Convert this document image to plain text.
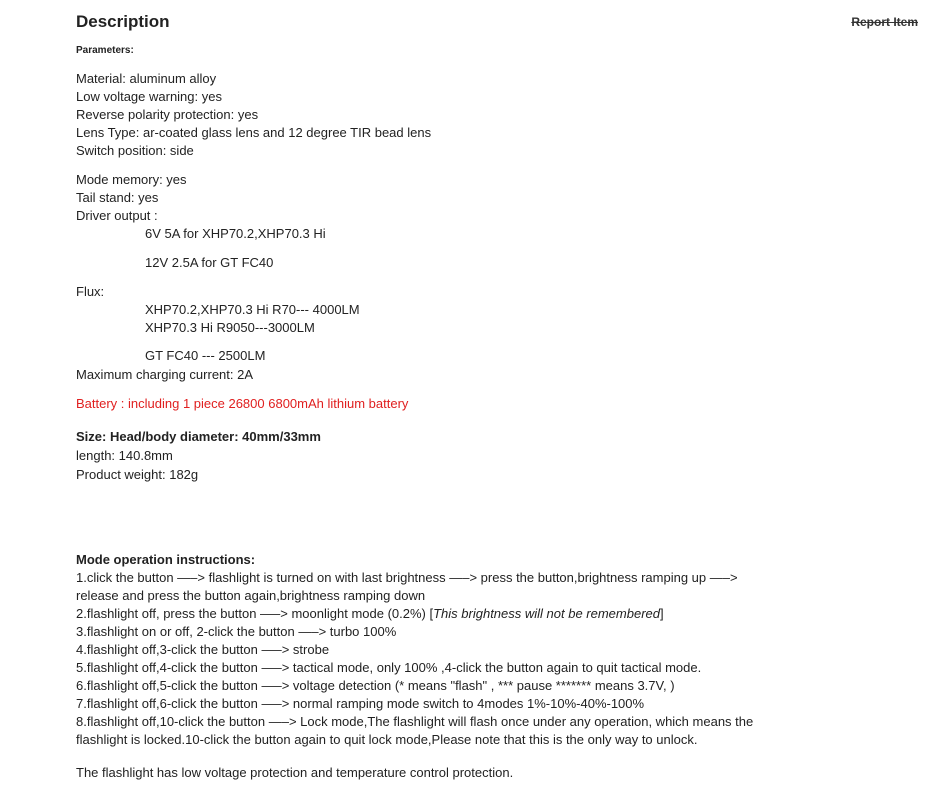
Description	Report Item
Parameters:
Material: aluminum alloy
Low voltage warning: yes
Reverse polarity protection: yes
Lens Type: ar-coated glass lens and 12 degree TIR bead lens
Switch position: side
Mode memory: yes
Tail stand: yes
Driver output :
6V 5A for XHP70.2,XHP70.3 Hi
12V 2.5A for GT FC40
Flux:
XHP70.2,XHP70.3 Hi R70--- 4000LM
XHP70.3 Hi R9050---3000LM
GT FC40 --- 2500LM
Maximum charging current: 2A
Battery : including 1 piece 26800 6800mAh lithium battery
Size: Head/body diameter: 40mm/33mm
length: 140.8mm
Product weight: 182g
Mode operation instructions:
1.click the button —–> flashlight is turned on with last brightness —–> press the button,brightness ramping up —–>
release and press the button again,brightness ramping down
2.flashlight off, press the button —–> moonlight mode (0.2%) [This brightness will not be remembered]
3.flashlight on or off, 2-click the button —–> turbo 100%
4.flashlight off,3-click the button —–> strobe
5.flashlight off,4-click the button —–> tactical mode, only 100% ,4-click the button again to quit tactical mode.
6.flashlight off,5-click the button —–> voltage detection (* means "flash" , *** pause ******* means 3.7V, )
7.flashlight off,6-click the button —–> normal ramping mode switch to 4modes 1%-10%-40%-100%
8.flashlight off,10-click the button —–> Lock mode,The flashlight will flash once under any operation, which means the
flashlight is locked.10-click the button again to quit lock mode,Please note that this is the only way to unlock.
The flashlight has low voltage protection and temperature control protection.
